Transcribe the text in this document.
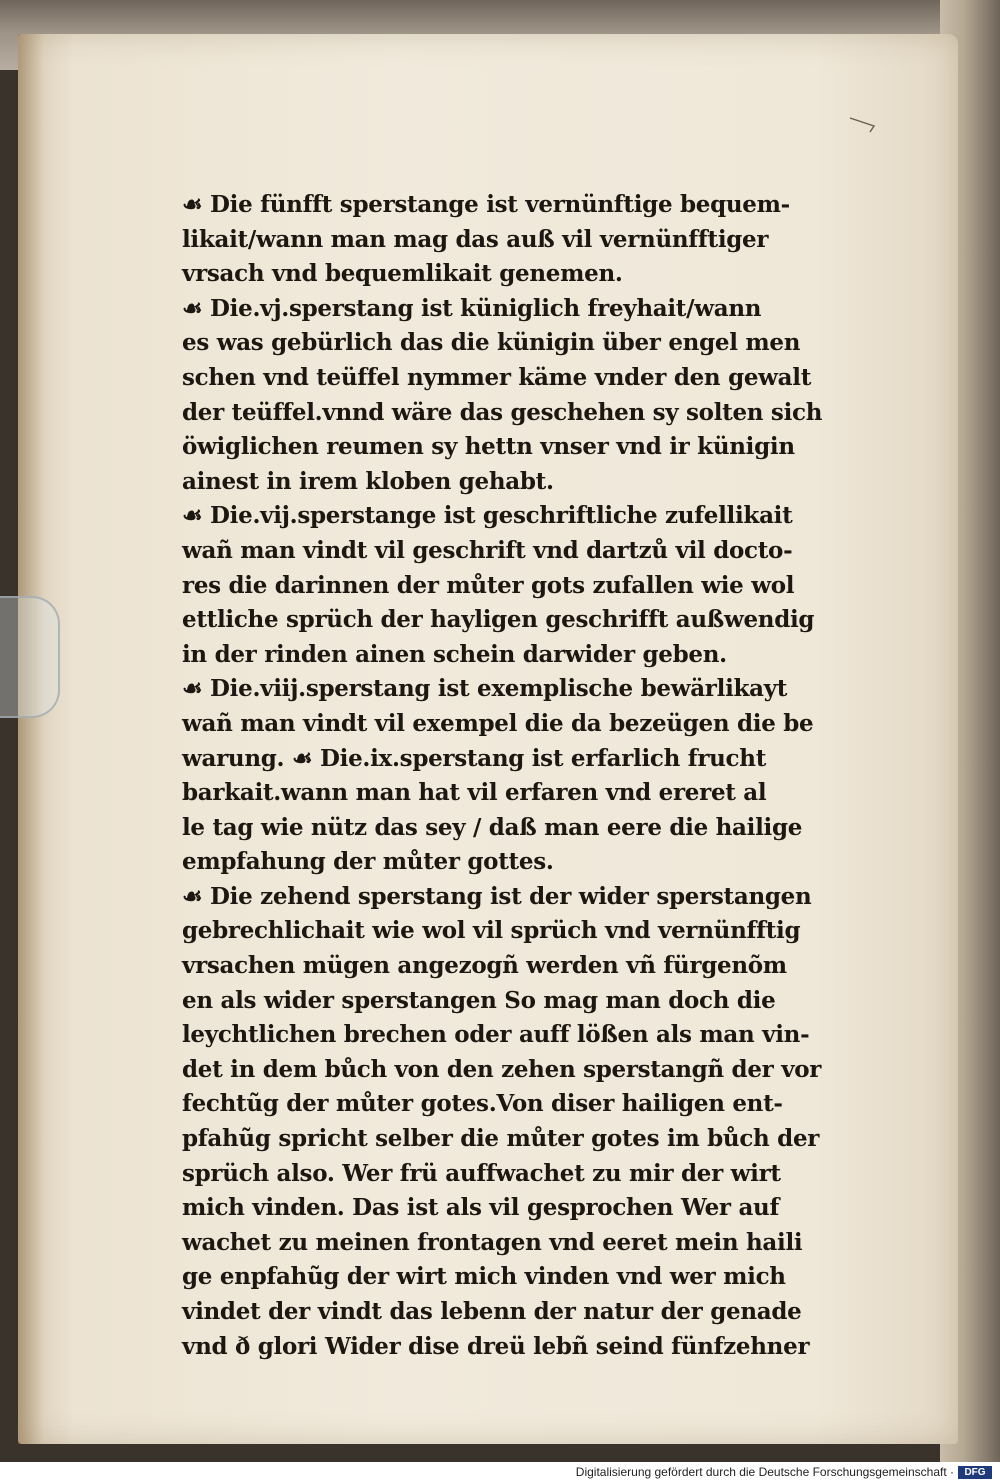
☙ Die fünfft sperstange ist vernünftige bequem-
likait/wann man mag das auß vil vernünfftiger
vrsach vnd bequemlikait genemen.
☙ Die.vj.sperstang ist küniglich freyhait/wann
es was gebürlich das die künigin über engel men
schen vnd teüffel nymmer käme vnder den gewalt
der teüffel.vnnd wäre das geschehen sy solten sich
öwiglichen reumen sy hettn vnser vnd ir künigin
ainest in irem kloben gehabt.
☙ Die.vij.sperstange ist geschriftliche zufellikait
wañ man vindt vil geschrift vnd dartzů vil docto-
res die darinnen der můter gots zufallen wie wol
ettliche sprüch der hayligen geschrifft außwendig
in der rinden ainen schein darwider geben.
☙ Die.viij.sperstang ist exemplische bewärlikayt
wañ man vindt vil exempel die da bezeügen die be
warung. ☙ Die.ix.sperstang ist erfarlich frucht
barkait.wann man hat vil erfaren vnd ereret al
le tag wie nütz das sey / daß man eere die hailige
empfahung der můter gottes.
☙ Die zehend sperstang ist der wider sperstangen
gebrechlichait wie wol vil sprüch vnd vernünfftig
vrsachen mügen angezogñ werden vñ fürgenõm
en als wider sperstangen So mag man doch die
leychtlichen brechen oder auff lößen als man vin-
det in dem bůch von den zehen sperstangñ der vor
fechtũg der můter gotes.Von diser hailigen ent-
pfahũg spricht selber die můter gotes im bůch der
sprüch also. Wer frü auffwachet zu mir der wirt
mich vinden. Das ist als vil gesprochen Wer auf
wachet zu meinen frontagen vnd eeret mein haili
ge enpfahũg der wirt mich vinden vnd wer mich
vindet der vindt das lebenn der natur der genade
vnd ð glori Wider dise dreü lebñ seind fünfzehner
Digitalisierung gefördert durch die Deutsche Forschungsgemeinschaft ·	DFG
